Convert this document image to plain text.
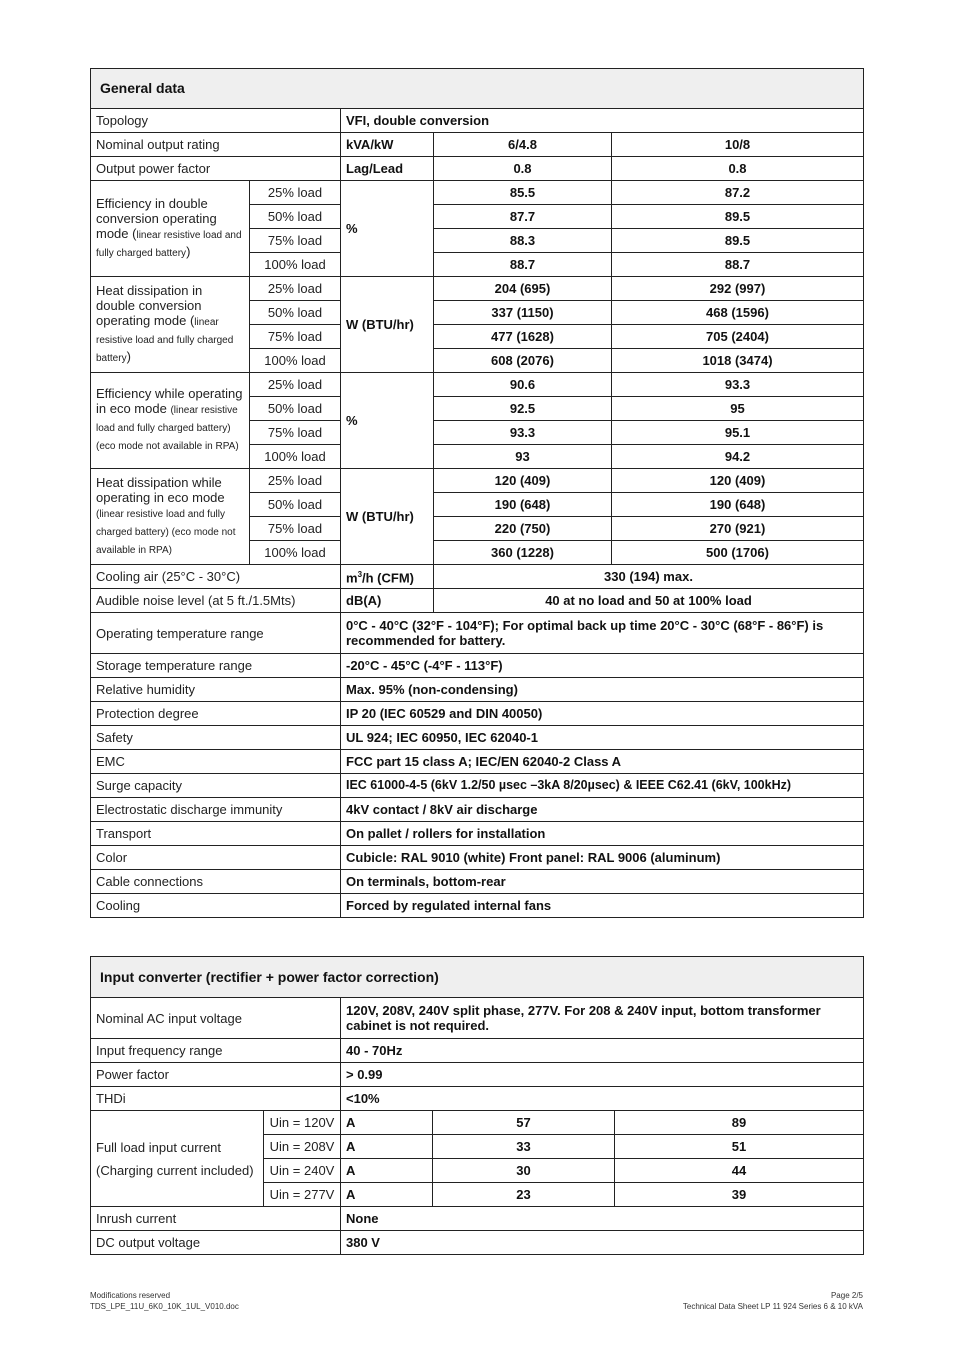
General data				
Topology		VFI, double conversion		
Nominal output rating		kVA/kW	6/4.8	10/8
Output power factor		Lag/Lead	0.8	0.8
Efficiency in double conversion operating mode (linear resistive load and fully charged battery)	25% load	%	85.5	87.2
	50% load		87.7	89.5
	75% load		88.3	89.5
	100% load		88.7	88.7
Heat dissipation in double conversion operating mode (linear resistive load and fully charged battery)	25% load	W (BTU/hr)	204 (695)	292 (997)
	50% load		337 (1150)	468 (1596)
	75% load		477 (1628)	705 (2404)
	100% load		608 (2076)	1018 (3474)
Efficiency while operating in eco mode (linear resistive load and fully charged battery) (eco mode not available in RPA)	25% load	%	90.6	93.3
	50% load		92.5	95
	75% load		93.3	95.1
	100% load		93	94.2
Heat dissipation while operating in eco mode (linear resistive load and fully charged battery) (eco mode not available in RPA)	25% load	W (BTU/hr)	120 (409)	120 (409)
	50% load		190 (648)	190 (648)
	75% load		220 (750)	270 (921)
	100% load		360 (1228)	500 (1706)
Cooling air (25°C - 30°C)		$m^3/h$ (CFM)	330 (194) max.	
Audible noise level (at 5 ft./1.5Mts)		dB(A)	40 at no load and 50 at 100% load	
Operating temperature range		0°C - 40°C (32°F - 104°F); For optimal back up time 20°C - 30°C (68°F - 86°F) is recommended for battery.		
Storage temperature range		-20°C - 45°C (-4°F - 113°F)		
Relative humidity		Max. 95% (non-condensing)		
Protection degree		IP 20 (IEC 60529 and DIN 40050)		
Safety		UL 924; IEC 60950, IEC 62040-1		
EMC		FCC part 15 class A; IEC/EN 62040-2 Class A		
Surge capacity		IEC 61000-4-5 (6kV 1.2/50 µsec –3kA 8/20µsec) & IEEE C62.41 (6kV, 100kHz)		
Electrostatic discharge immunity		4kV contact / 8kV air discharge		
Transport		On pallet / rollers for installation		
Color		Cubicle: RAL 9010 (white) Front panel: RAL 9006 (aluminum)		
Cable connections		On terminals, bottom-rear		
Cooling		Forced by regulated internal fans		
Input converter (rectifier + power factor correction)				
Nominal AC input voltage		120V, 208V, 240V split phase, 277V. For 208 & 240V input, bottom transformer cabinet is not required.		
Input frequency range		40 - 70Hz		
Power factor		> 0.99		
THDi		<10%		
Full load input current
(Charging current included)	Uin = 120V	A	57	89
	Uin = 208V	A	33	51
	Uin = 240V	A	30	44
	Uin = 277V	A	23	39
Inrush current		None		
DC output voltage		380 V		
Modifications reserved
TDS_LPE_11U_6K0_10K_1UL_V010.doc
Page 2/5
Technical Data Sheet LP 11 924 Series 6 & 10 kVA
